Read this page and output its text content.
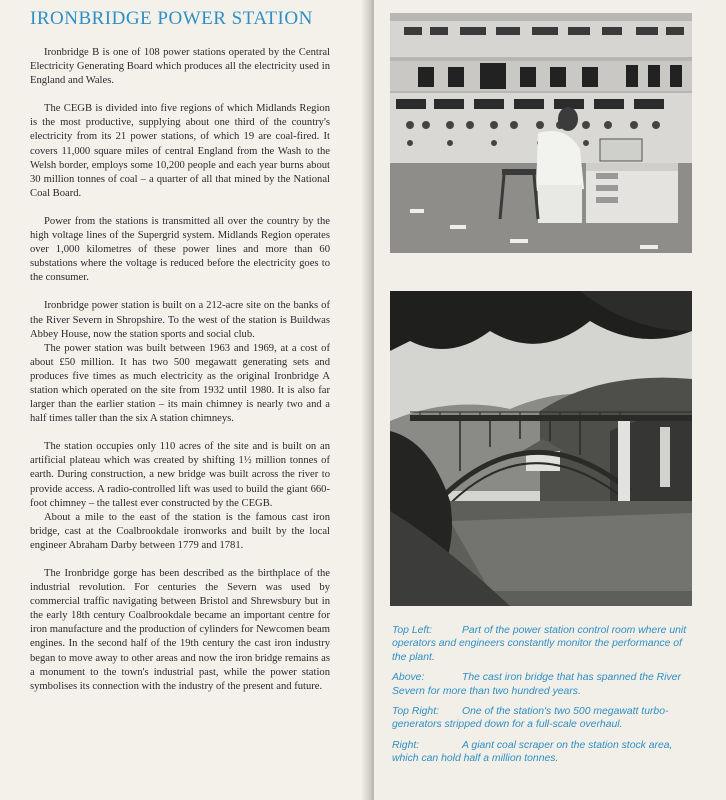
IRONBRIDGE POWER STATION

Ironbridge B is one of 108 power stations operated by the Central Electricity Generating Board which produces all the electricity used in England and Wales.

The CEGB is divided into five regions of which Midlands Region is the most productive, supplying about one third of the country's electricity from its 21 power stations, of which 19 are coal-fired. It covers 11,000 square miles of central England from the Wash to the Welsh border, employs some 10,200 people and each year burns about 30 million tonnes of coal – a quarter of all that mined by the National Coal Board.

Power from the stations is transmitted all over the country by the high voltage lines of the Supergrid system. Midlands Region operates over 1,000 kilometres of these power lines and more than 60 substations where the voltage is reduced before the electricity goes to the consumer.

Ironbridge power station is built on a 212-acre site on the banks of the River Severn in Shropshire. To the west of the station is Buildwas Abbey House, now the station sports and social club.

The power station was built between 1963 and 1969, at a cost of about £50 million. It has two 500 megawatt generating sets and produces five times as much electricity as the original Ironbridge A station which operated on the site from 1932 until 1980. It is also far larger than the earlier station – its main chimney is nearly two and a half times taller than the six A station chimneys.

The station occupies only 110 acres of the site and is built on an artificial plateau which was created by shifting 1½ million tonnes of earth. During construction, a new bridge was built across the river to provide access. A radio-controlled lift was used to build the giant 660-foot chimney – the tallest ever constructed by the CEGB.

About a mile to the east of the station is the famous cast iron bridge, cast at the Coalbrookdale ironworks and built by the local engineer Abraham Darby between 1779 and 1781.

The Ironbridge gorge has been described as the birthplace of the industrial revolution. For centuries the Severn was used by commercial traffic navigating between Bristol and Shrewsbury but in the early 18th century Coalbrookdale became an important centre for iron manufacture and the production of cylinders for Newcomen beam engines. In the second half of the 19th century the cast iron industry began to move away to other areas and now the iron bridge remains as a monument to the town's industrial past, while the power station symbolises its connection with the industry of the present and future.

Top Left:	Part of the power station control room where unit operators and engineers constantly monitor the performance of the plant.

Above:	The cast iron bridge that has spanned the River Severn for more than two hundred years.

Top Right: One of the station's two 500 megawatt turbo-generators stripped down for a full-scale overhaul.

Right:	A giant coal scraper on the station stock area, which can hold half a million tonnes.
